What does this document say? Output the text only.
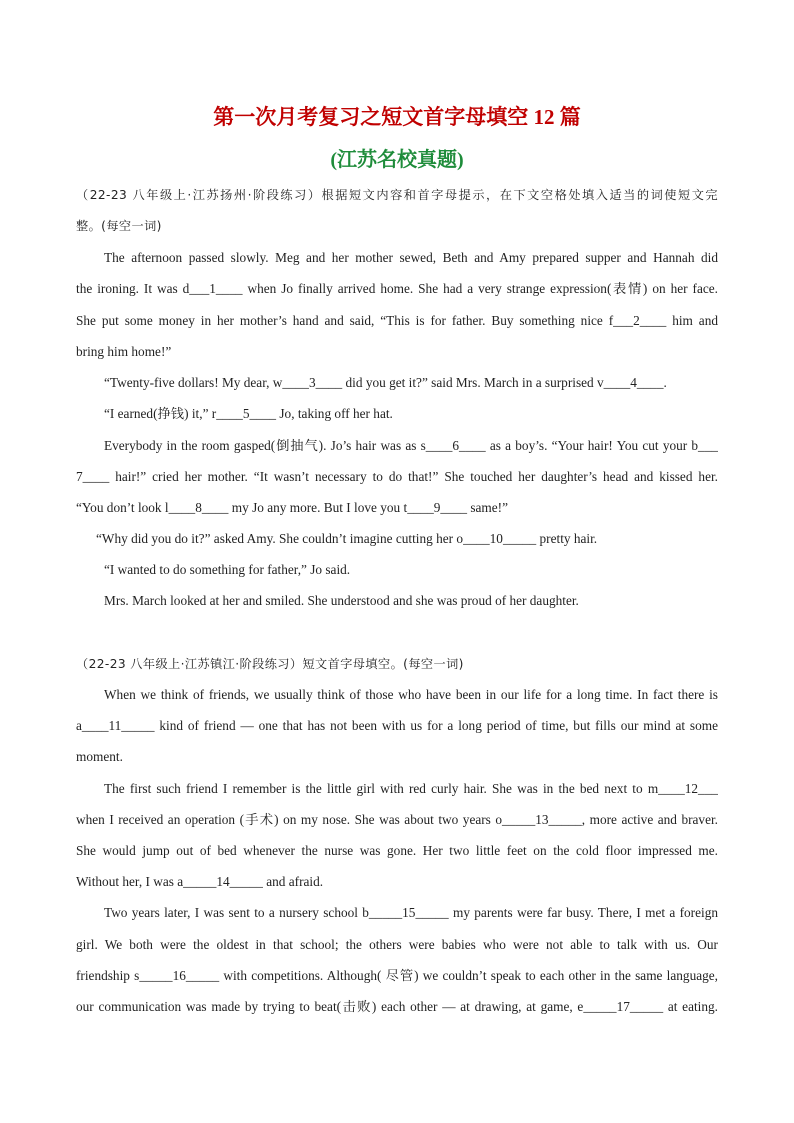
第一次月考复习之短文首字母填空 12 篇
(江苏名校真题)
（22-23 八年级上·江苏扬州·阶段练习）根据短文内容和首字母提示，在下文空格处填入适当的词使短文完
整。(每空一词)
The afternoon passed slowly. Meg and her mother sewed, Beth and Amy prepared supper and Hannah did
the ironing. It was d___1____ when Jo finally arrived home. She had a very strange expression(表情) on her face.
She put some money in her mother’s hand and said, “This is for father. Buy something nice f___2____ him and
bring him home!”
“Twenty-five dollars! My dear, w____3____ did you get it?” said Mrs. March in a surprised v____4____.
“I earned(挣钱) it,” r____5____ Jo, taking off her hat.
Everybody in the room gasped(倒抽气). Jo’s hair was as s____6____ as a boy’s. “Your hair! You cut your b___
7____ hair!” cried her mother. “It wasn’t necessary to do that!” She touched her daughter’s head and kissed her.
“You don’t look l____8____ my Jo any more. But I love you t____9____ same!”
“Why did you do it?” asked Amy. She couldn’t imagine cutting her o____10_____ pretty hair.
“I wanted to do something for father,” Jo said.
Mrs. March looked at her and smiled. She understood and she was proud of her daughter.
（22-23 八年级上·江苏镇江·阶段练习）短文首字母填空。(每空一词)
When we think of friends, we usually think of those who have been in our life for a long time. In fact there is
a____11_____ kind of friend — one that has not been with us for a long period of time, but fills our mind at some
moment.
The first such friend I remember is the little girl with red curly hair. She was in the bed next to m____12___
when I received an operation (手术) on my nose. She was about two years o_____13_____, more active and braver.
She would jump out of bed whenever the nurse was gone. Her two little feet on the cold floor impressed me.
Without her, I was a_____14_____ and afraid.
Two years later, I was sent to a nursery school b_____15_____ my parents were far busy. There, I met a foreign
girl. We both were the oldest in that school; the others were babies who were not able to talk with us. Our
friendship s_____16_____ with competitions. Although( 尽管) we couldn’t speak to each other in the same language,
our communication was made by trying to beat(击败) each other — at drawing, at game, e_____17_____ at eating.
